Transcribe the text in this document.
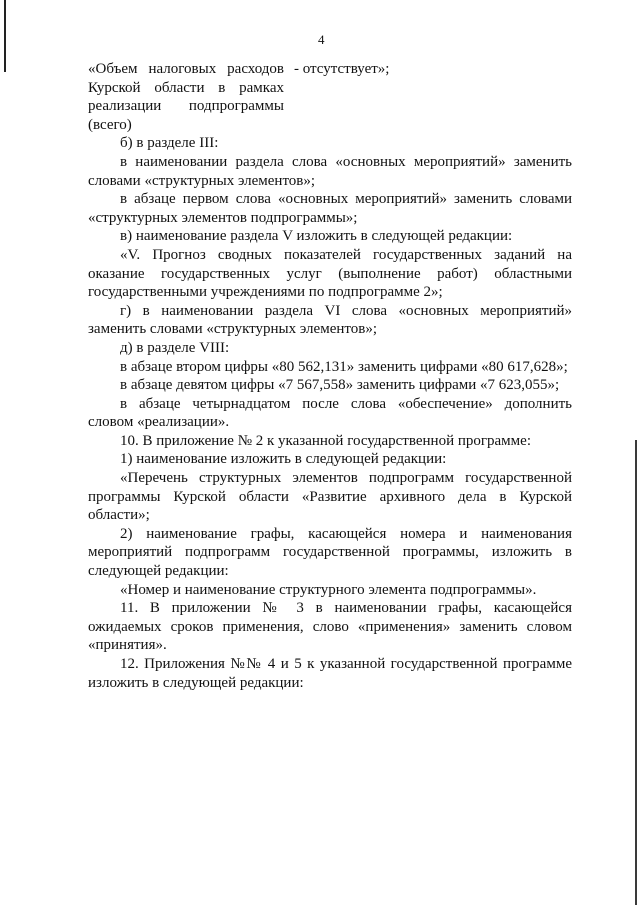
4
«Объем налоговых расходов Курской области в рамках реализации подпрограммы (всего)
- отсутствует»;

б) в разделе III:

в наименовании раздела слова «основных мероприятий» заменить словами «структурных элементов»;

в абзаце первом слова «основных мероприятий» заменить словами «структурных элементов подпрограммы»;

в) наименование раздела V изложить в следующей редакции:

«V. Прогноз сводных показателей государственных заданий на оказание государственных услуг (выполнение работ) областными государственными учреждениями по подпрограмме 2»;

г) в наименовании раздела VI слова «основных мероприятий» заменить словами «структурных элементов»;

д) в разделе VIII:

в абзаце втором цифры «80 562,131» заменить цифрами «80 617,628»;

в абзаце девятом цифры «7 567,558» заменить цифрами «7 623,055»;

в абзаце четырнадцатом после слова «обеспечение» дополнить словом «реализации».

10. В приложение № 2 к указанной государственной программе:

1) наименование изложить в следующей редакции:

«Перечень структурных элементов подпрограмм государственной программы Курской области «Развитие архивного дела в Курской области»;

2) наименование графы, касающейся номера и наименования мероприятий подпрограмм государственной программы, изложить в следующей редакции:

«Номер и наименование структурного элемента подпрограммы».

11. В приложении № 3 в наименовании графы, касающейся ожидаемых сроков применения, слово «применения» заменить словом «принятия».

12. Приложения №№ 4 и 5 к указанной государственной программе изложить в следующей редакции:
